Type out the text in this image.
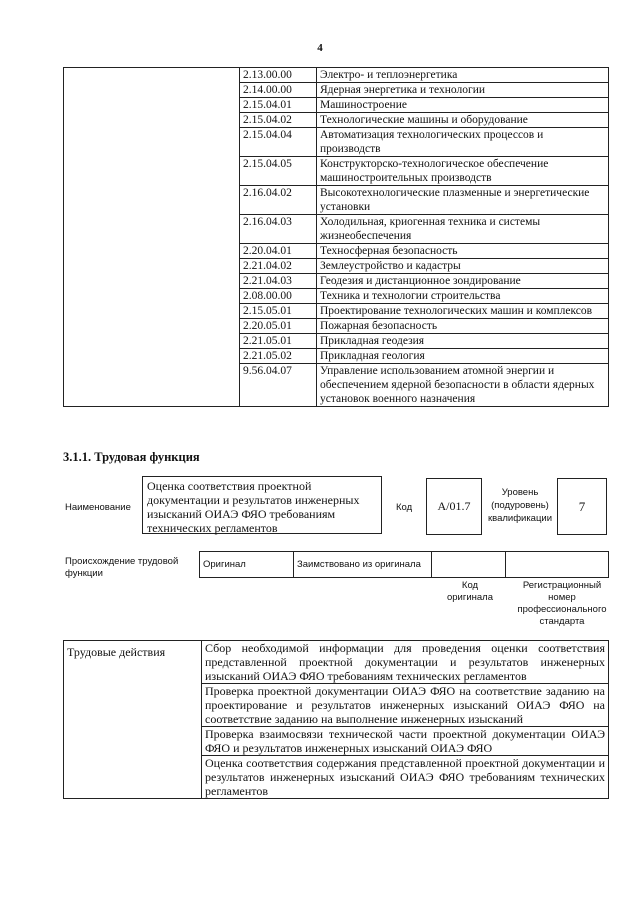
4
	2.13.00.00	Электро- и теплоэнергетика
	2.14.00.00	Ядерная энергетика и технологии
	2.15.04.01	Машиностроение
	2.15.04.02	Технологические машины и оборудование
	2.15.04.04	Автоматизация технологических процессов и производств
	2.15.04.05	Конструкторско-технологическое обеспечение машиностроительных производств
	2.16.04.02	Высокотехнологические плазменные и энергетические установки
	2.16.04.03	Холодильная, криогенная техника и системы жизнеобеспечения
	2.20.04.01	Техносферная безопасность
	2.21.04.02	Землеустройство и кадастры
	2.21.04.03	Геодезия и дистанционное зондирование
	2.08.00.00	Техника и технологии строительства
	2.15.05.01	Проектирование технологических машин и комплексов
	2.20.05.01	Пожарная безопасность
	2.21.05.01	Прикладная геодезия
	2.21.05.02	Прикладная геология
	9.56.04.07	Управление использованием атомной энергии и обеспечением ядерной безопасности в области ядерных установок военного назначения
3.1.1. Трудовая функция
Наименование
Оценка соответствия проектной документации и результатов инженерных изысканий ОИАЭ ФЯО требованиям технических регламентов
Код	A/01.7
Уровень (подуровень) квалификации
7
Происхождение трудовой функции
Оригинал	Заимствовано из оригинала		
Код оригинала
Регистрационный номер профессионального стандарта
Трудовые действия	Сбор необходимой информации для проведения оценки соответствия представленной проектной документации и результатов инженерных изысканий ОИАЭ ФЯО требованиям технических регламентов
Проверка проектной документации ОИАЭ ФЯО на соответствие заданию на проектирование и результатов инженерных изысканий ОИАЭ ФЯО на соответствие заданию на выполнение инженерных изысканий
Проверка взаимосвязи технической части проектной документации ОИАЭ ФЯО и результатов инженерных изысканий ОИАЭ ФЯО
Оценка соответствия содержания представленной проектной документации и результатов инженерных изысканий ОИАЭ ФЯО требованиям технических регламентов
